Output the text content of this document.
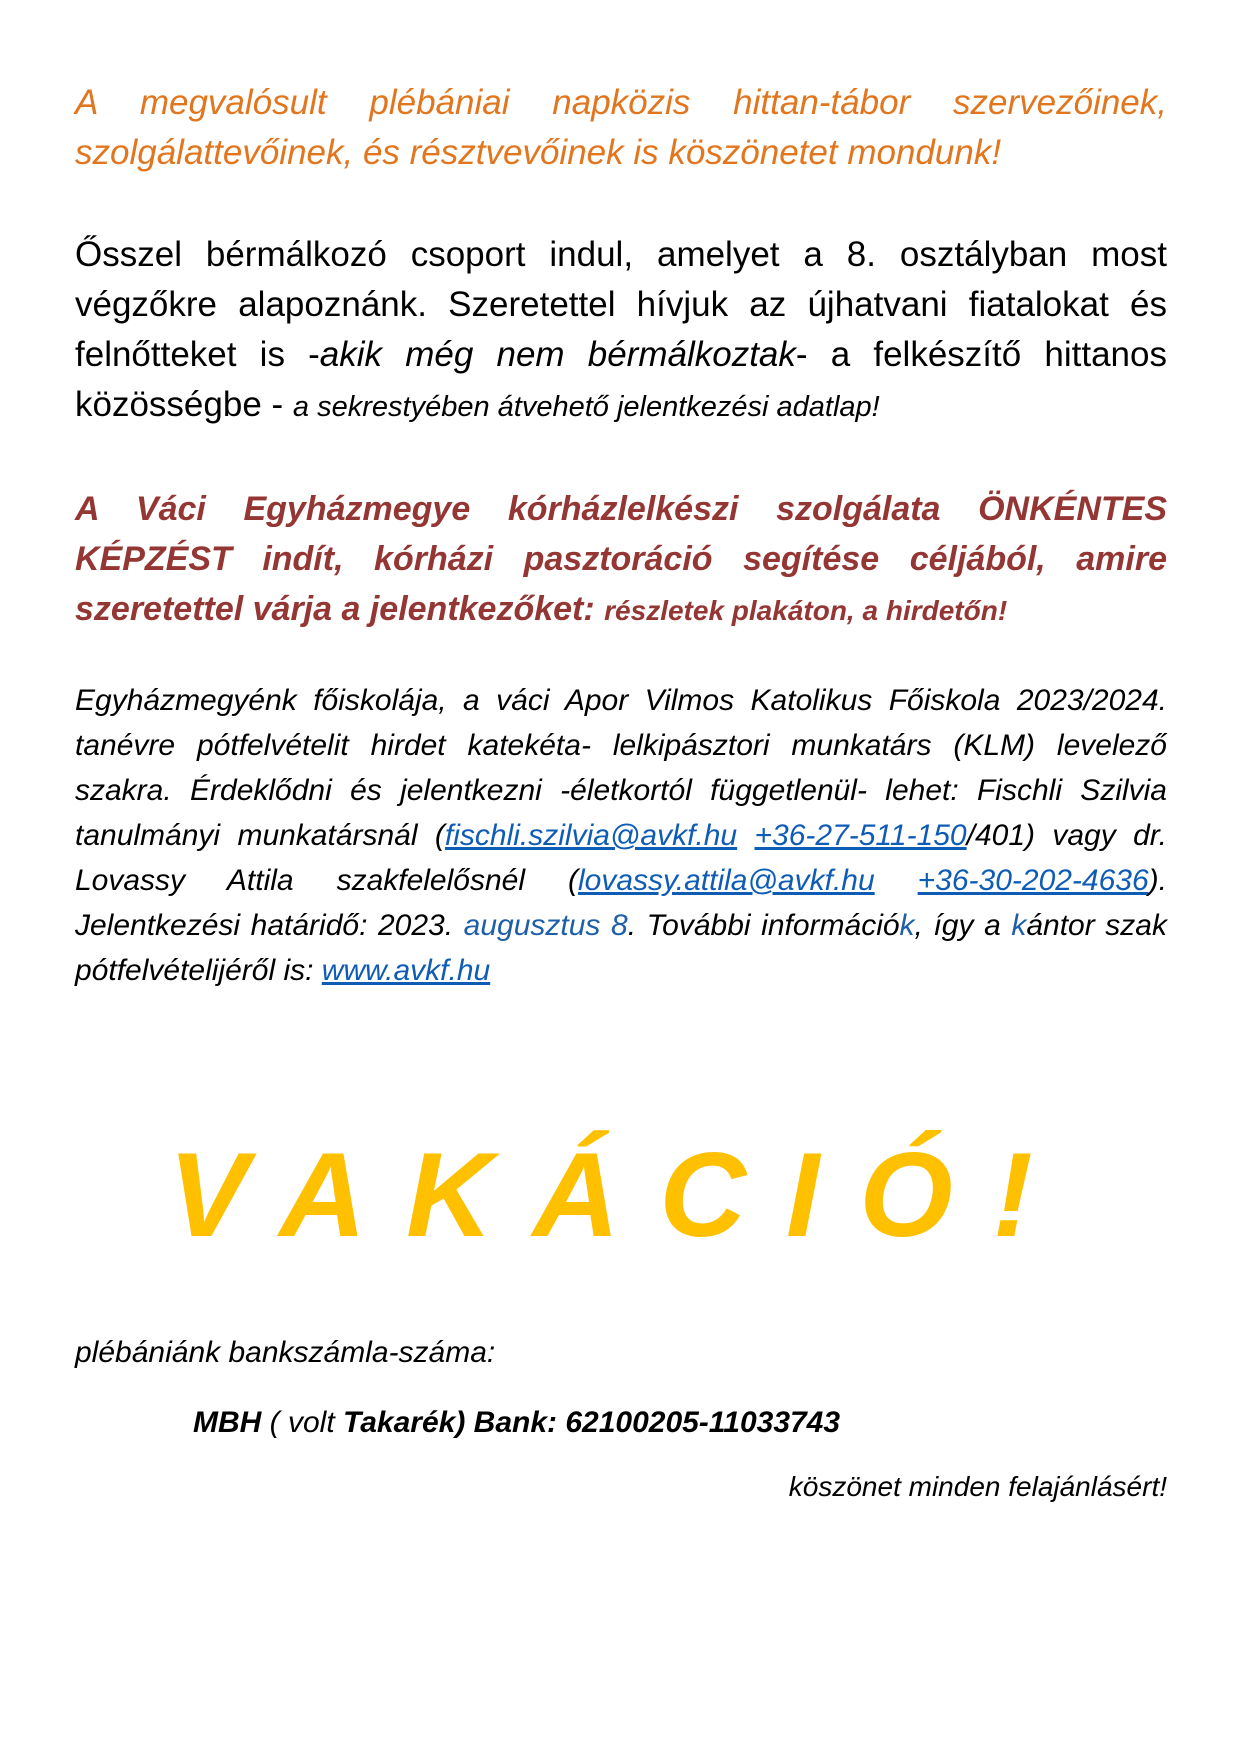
A megvalósult plébániai napközis hittan-tábor szervezőinek,
szolgálattevőinek, és résztvevőinek is köszönetet mondunk!

Ősszel bérmálkozó csoport indul, amelyet a 8. osztályban most végzőkre alapoznánk. Szeretettel hívjuk az újhatvani fiatalokat és felnőtteket is -akik még nem bérmálkoztak- a felkészítő hittanos közösségbe - a sekrestyében átvehető jelentkezési adatlap!

A Váci Egyházmegye kórházlelkészi szolgálata ÖNKÉNTES KÉPZÉST indít, kórházi pasztoráció segítése céljából, amire szeretettel várja a jelentkezőket: részletek plakáton, a hirdetőn!

Egyházmegyénk főiskolája, a váci Apor Vilmos Katolikus Főiskola 2023/2024. tanévre pótfelvételit hirdet katekéta- lelkipásztori munkatárs (KLM) levelező szakra. Érdeklődni és jelentkezni -életkortól függetlenül- lehet: Fischli Szilvia tanulmányi munkatársnál (fischli.szilvia@avkf.hu +36-27-511-150/401) vagy dr. Lovassy Attila szakfelelősnél (lovassy.attila@avkf.hu +36-30-202-4636). Jelentkezési határidő: 2023. augusztus 8. További információk, így a kántor szak pótfelvételijéről is: www.avkf.hu

VAKÁCIÓ!

plébániánk bankszámla-száma:

MBH ( volt Takarék) Bank: 62100205-11033743

köszönet minden felajánlásért!
